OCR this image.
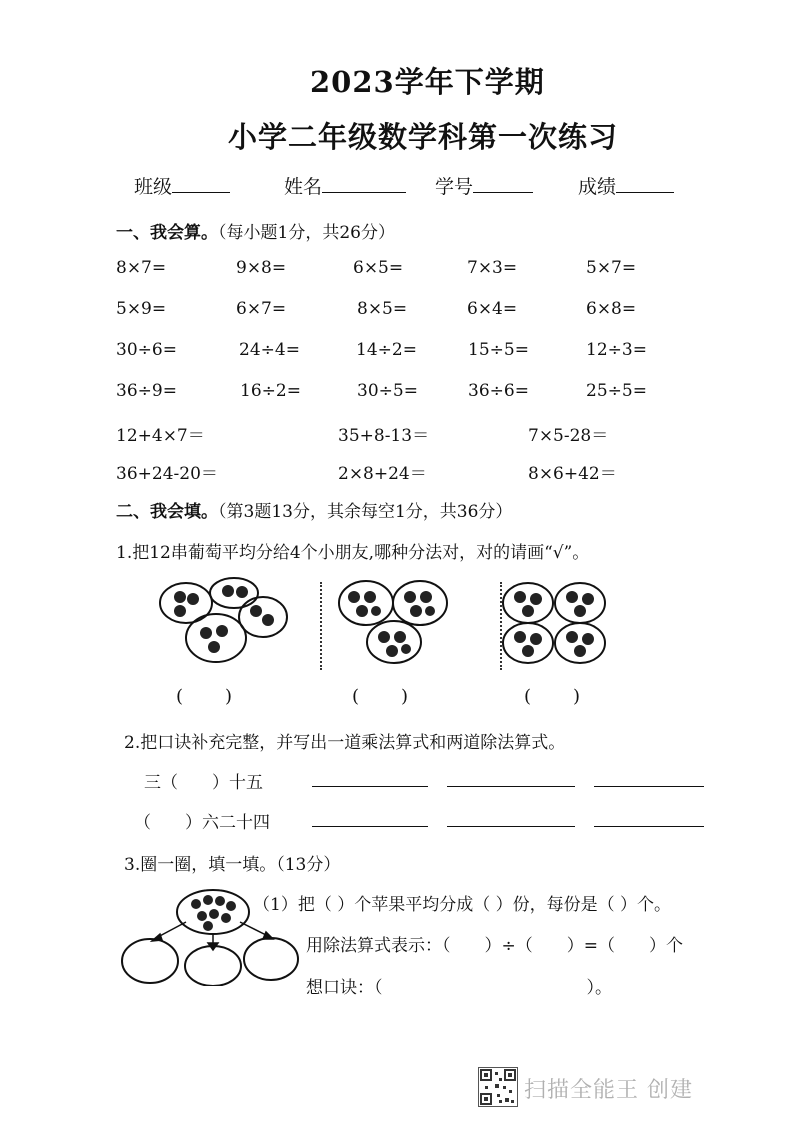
2023学年下学期
小学二年级数学科第一次练习
班级	姓名	学号	成绩
一、我会算。（每小题1分，共26分）
8×7=	9×8=	6×5=	7×3=	5×7=
5×9=	6×7=	8×5=	6×4=	6×8=
30÷6=	24÷4=	14÷2=	15÷5=	12÷3=
36÷9=	16÷2=	30÷5=	36÷6=	25÷5=
12+4×7＝	35+8-13＝	7×5-28＝
36+24-20＝	2×8+24＝	8×6+42＝
二、我会填。（第3题13分，其余每空1分，共36分）
1.把12串葡萄平均分给4个小朋友,哪种分法对，对的请画“√”。
(　　)	(　　)	(　　)
2.把口诀补充完整，并写出一道乘法算式和两道除法算式。
三（　　）十五
（　　）六二十四
3.圈一圈，填一填。（13分）
（1）把（ ）个苹果平均分成（ ）份，每份是（ ）个。
用除法算式表示：（　　）÷（　　）=（　　）个
想口诀：（　　　　　　　　　　　　）。
扫描全能王 创建
